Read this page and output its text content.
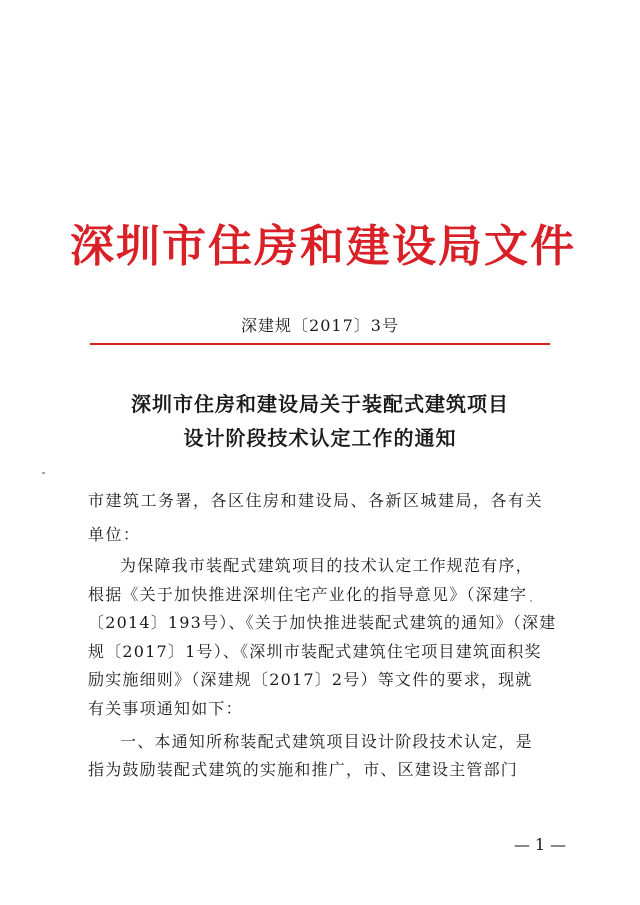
深圳市住房和建设局文件
深建规〔2017〕3号
深圳市住房和建设局关于装配式建筑项目
设计阶段技术认定工作的通知
市建筑工务署，各区住房和建设局、各新区城建局，各有关
单位：
为保障我市装配式建筑项目的技术认定工作规范有序，
根据《关于加快推进深圳住宅产业化的指导意见》（深建字
〔2014〕193号）、《关于加快推进装配式建筑的通知》（深建
规〔2017〕1号）、《深圳市装配式建筑住宅项目建筑面积奖
励实施细则》（深建规〔2017〕2号）等文件的要求，现就
有关事项通知如下：
一、本通知所称装配式建筑项目设计阶段技术认定，是
指为鼓励装配式建筑的实施和推广，市、区建设主管部门
— 1 —
